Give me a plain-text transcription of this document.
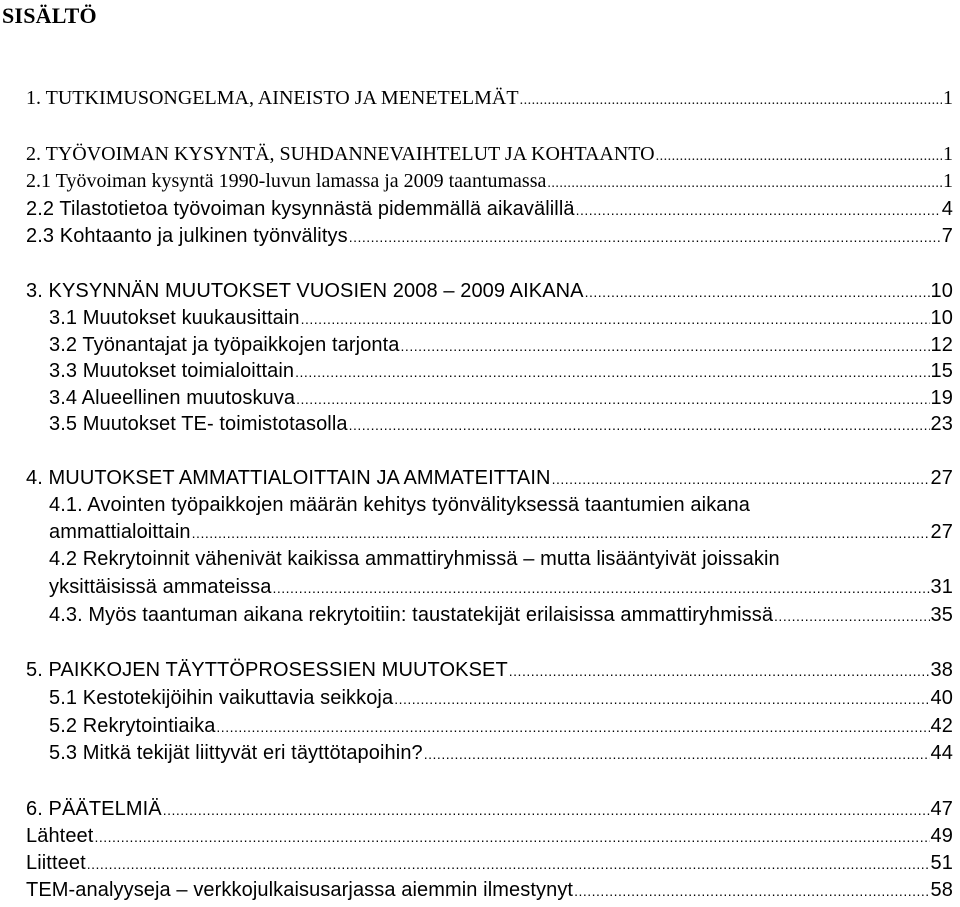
SISÄLTÖ
1. TUTKIMUSONGELMA, AINEISTO JA MENETELMÄT .....	1
2. TYÖVOIMAN KYSYNTÄ, SUHDANNEVAIHTELUT JA KOHTAANTO .....	1
2.1 Työvoiman kysyntä 1990-luvun lamassa ja 2009 taantumassa .....	1
2.2 Tilastotietoa työvoiman kysynnästä pidemmällä aikavälillä .....	4
2.3 Kohtaanto ja julkinen työnvälitys .....	7
3. KYSYNNÄN MUUTOKSET VUOSIEN 2008 – 2009 AIKANA .....	10
3.1 Muutokset kuukausittain .....	10
3.2 Työnantajat ja työpaikkojen tarjonta .....	12
3.3 Muutokset toimialoittain .....	15
3.4 Alueellinen muutoskuva .....	19
3.5 Muutokset TE- toimistotasolla .....	23
4. MUUTOKSET AMMATTIALOITTAIN JA AMMATEITTAIN .....	27
4.1. Avointen työpaikkojen määrän kehitys työnvälityksessä taantumien aikana
ammattialoittain .....	27
4.2 Rekrytoinnit vähenivät kaikissa ammattiryhmissä – mutta lisääntyivät joissakin
yksittäisissä ammateissa .....	31
4.3. Myös taantuman aikana rekrytoitiin: taustatekijät erilaisissa ammattiryhmissä .....	35
5. PAIKKOJEN TÄYTTÖPROSESSIEN MUUTOKSET .....	38
5.1 Kestotekijöihin vaikuttavia seikkoja .....	40
5.2 Rekrytointiaika .....	42
5.3 Mitkä tekijät liittyvät eri täyttötapoihin? .....	44
6. PÄÄTELMIÄ .....	47
Lähteet .....	49
Liitteet .....	51
TEM-analyyseja – verkkojulkaisusarjassa aiemmin ilmestynyt .....	58
